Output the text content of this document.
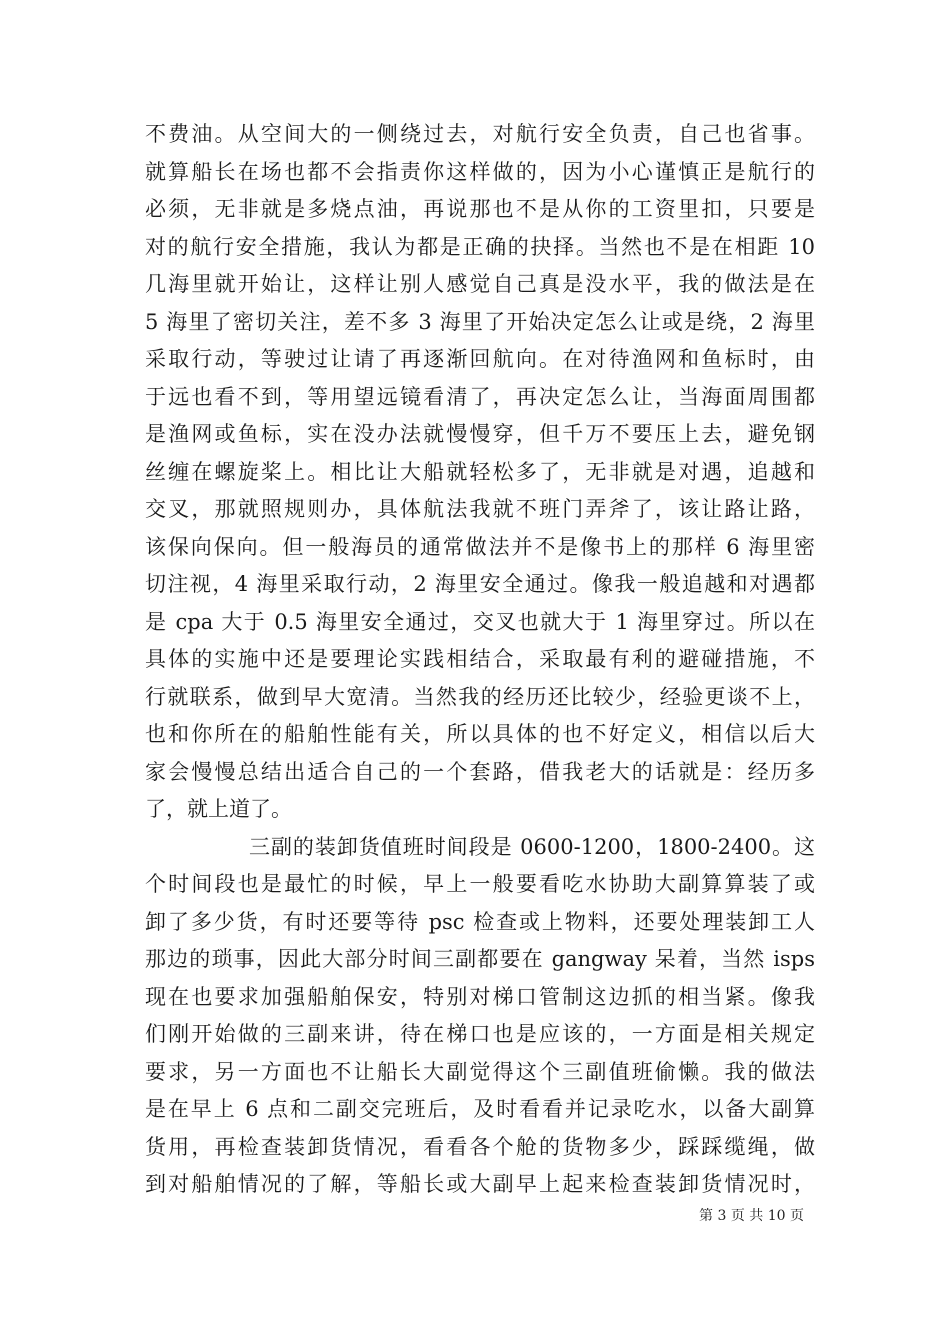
不费油。从空间大的一侧绕过去，对航行安全负责，自己也省事。
就算船长在场也都不会指责你这样做的，因为小心谨慎正是航行的
必须，无非就是多烧点油，再说那也不是从你的工资里扣，只要是
对的航行安全措施，我认为都是正确的抉择。当然也不是在相距 10
几海里就开始让，这样让别人感觉自己真是没水平，我的做法是在
5 海里了密切关注，差不多 3 海里了开始决定怎么让或是绕，2 海里
采取行动，等驶过让请了再逐渐回航向。在对待渔网和鱼标时，由
于远也看不到，等用望远镜看清了，再决定怎么让，当海面周围都
是渔网或鱼标，实在没办法就慢慢穿，但千万不要压上去，避免钢
丝缠在螺旋桨上。相比让大船就轻松多了，无非就是对遇，追越和
交叉，那就照规则办，具体航法我就不班门弄斧了，该让路让路，
该保向保向。但一般海员的通常做法并不是像书上的那样 6 海里密
切注视，4 海里采取行动，2 海里安全通过。像我一般追越和对遇都
是 cpa 大于 0.5 海里安全通过，交叉也就大于 1 海里穿过。所以在
具体的实施中还是要理论实践相结合，采取最有利的避碰措施，不
行就联系，做到早大宽清。当然我的经历还比较少，经验更谈不上，
也和你所在的船舶性能有关，所以具体的也不好定义，相信以后大
家会慢慢总结出适合自己的一个套路，借我老大的话就是：经历多
了，就上道了。
三副的装卸货值班时间段是 0600-1200，1800-2400。这
个时间段也是最忙的时候，早上一般要看吃水协助大副算算装了或
卸了多少货，有时还要等待 psc 检查或上物料，还要处理装卸工人
那边的琐事，因此大部分时间三副都要在 gangway 呆着，当然 isps
现在也要求加强船舶保安，特别对梯口管制这边抓的相当紧。像我
们刚开始做的三副来讲，待在梯口也是应该的，一方面是相关规定
要求，另一方面也不让船长大副觉得这个三副值班偷懒。我的做法
是在早上 6 点和二副交完班后，及时看看并记录吃水，以备大副算
货用，再检查装卸货情况，看看各个舱的货物多少，踩踩缆绳，做
到对船舶情况的了解，等船长或大副早上起来检查装卸货情况时，
第 3 页 共 10 页
